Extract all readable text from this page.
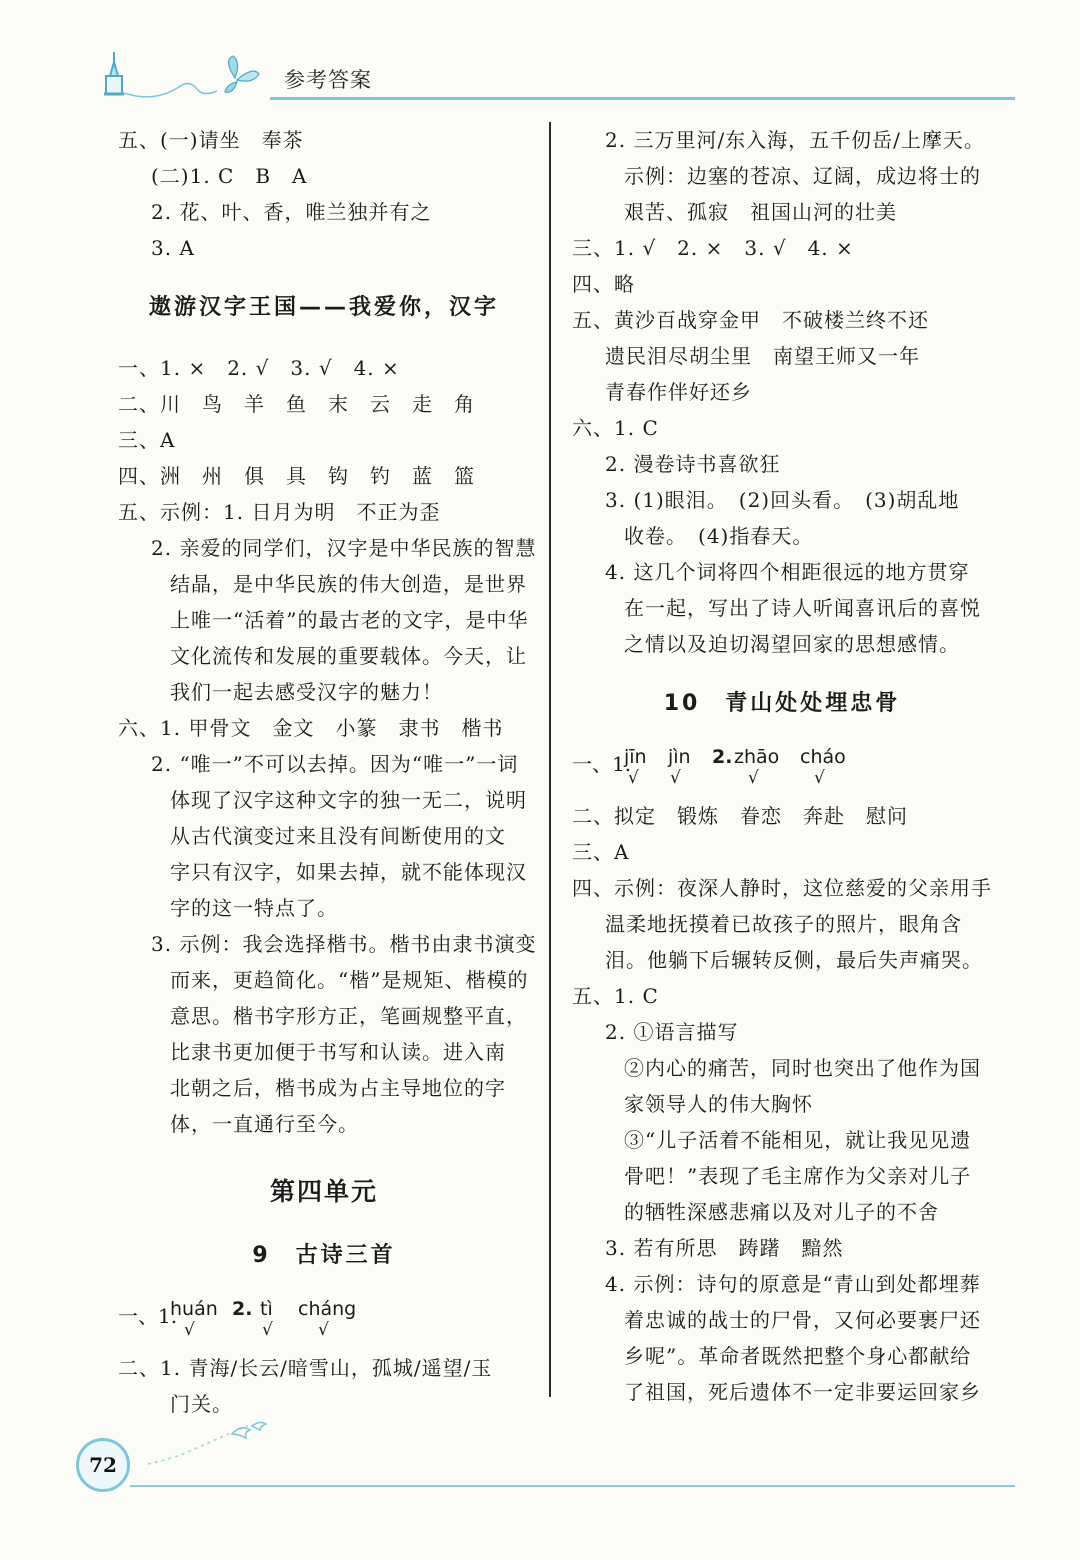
参考答案
五、(一)请坐　奉茶
(二)1. C　B　A
2. 花、叶、香，唯兰独并有之
3. A
遨游汉字王国——我爱你，汉字
一、1. ×　2. √　3. √　4. ×
二、川　鸟　羊　鱼　末　云　走　角
三、A
四、洲　州　俱　具　钩　钓　蓝　篮
五、示例：1. 日月为明　不正为歪
2. 亲爱的同学们，汉字是中华民族的智慧
结晶，是中华民族的伟大创造，是世界
上唯一“活着”的最古老的文字，是中华
文化流传和发展的重要载体。今天，让
我们一起去感受汉字的魅力！
六、1. 甲骨文　金文　小篆　隶书　楷书
2. “唯一”不可以去掉。因为“唯一”一词
体现了汉字这种文字的独一无二，说明
从古代演变过来且没有间断使用的文
字只有汉字，如果去掉，就不能体现汉
字的这一特点了。
3. 示例：我会选择楷书。楷书由隶书演变
而来，更趋简化。“楷”是规矩、楷模的
意思。楷书字形方正，笔画规整平直，
比隶书更加便于书写和认读。进入南
北朝之后，楷书成为占主导地位的字
体，一直通行至今。
第四单元
9　古诗三首
一、1.
huán
√
2. tì
√
cháng
√
二、1. 青海/长云/暗雪山，孤城/遥望/玉
门关。
2. 三万里河/东入海，五千仞岳/上摩天。
示例：边塞的苍凉、辽阔，成边将士的
艰苦、孤寂　祖国山河的壮美
三、1. √　2. ×　3. √　4. ×
四、略
五、黄沙百战穿金甲　不破楼兰终不还
遗民泪尽胡尘里　南望王师又一年
青春作伴好还乡
六、1. C
2. 漫卷诗书喜欲狂
3. (1)眼泪。　(2)回头看。　(3)胡乱地
收卷。　(4)指春天。
4. 这几个词将四个相距很远的地方贯穿
在一起，写出了诗人听闻喜讯后的喜悦
之情以及迫切渴望回家的思想感情。
10　青山处处埋忠骨
一、1.
jīn
√
jìn
√
2. zhāo
√
cháo
√
二、拟定　锻炼　眷恋　奔赴　慰问
三、A
四、示例：夜深人静时，这位慈爱的父亲用手
温柔地抚摸着已故孩子的照片，眼角含
泪。他躺下后辗转反侧，最后失声痛哭。
五、1. C
2. ①语言描写
②内心的痛苦，同时也突出了他作为国
家领导人的伟大胸怀
③“儿子活着不能相见，就让我见见遗
骨吧！”表现了毛主席作为父亲对儿子
的牺牲深感悲痛以及对儿子的不舍
3. 若有所思　踌躇　黯然
4. 示例：诗句的原意是“青山到处都埋葬
着忠诚的战士的尸骨，又何必要裹尸还
乡呢”。革命者既然把整个身心都献给
了祖国，死后遗体不一定非要运回家乡
72
